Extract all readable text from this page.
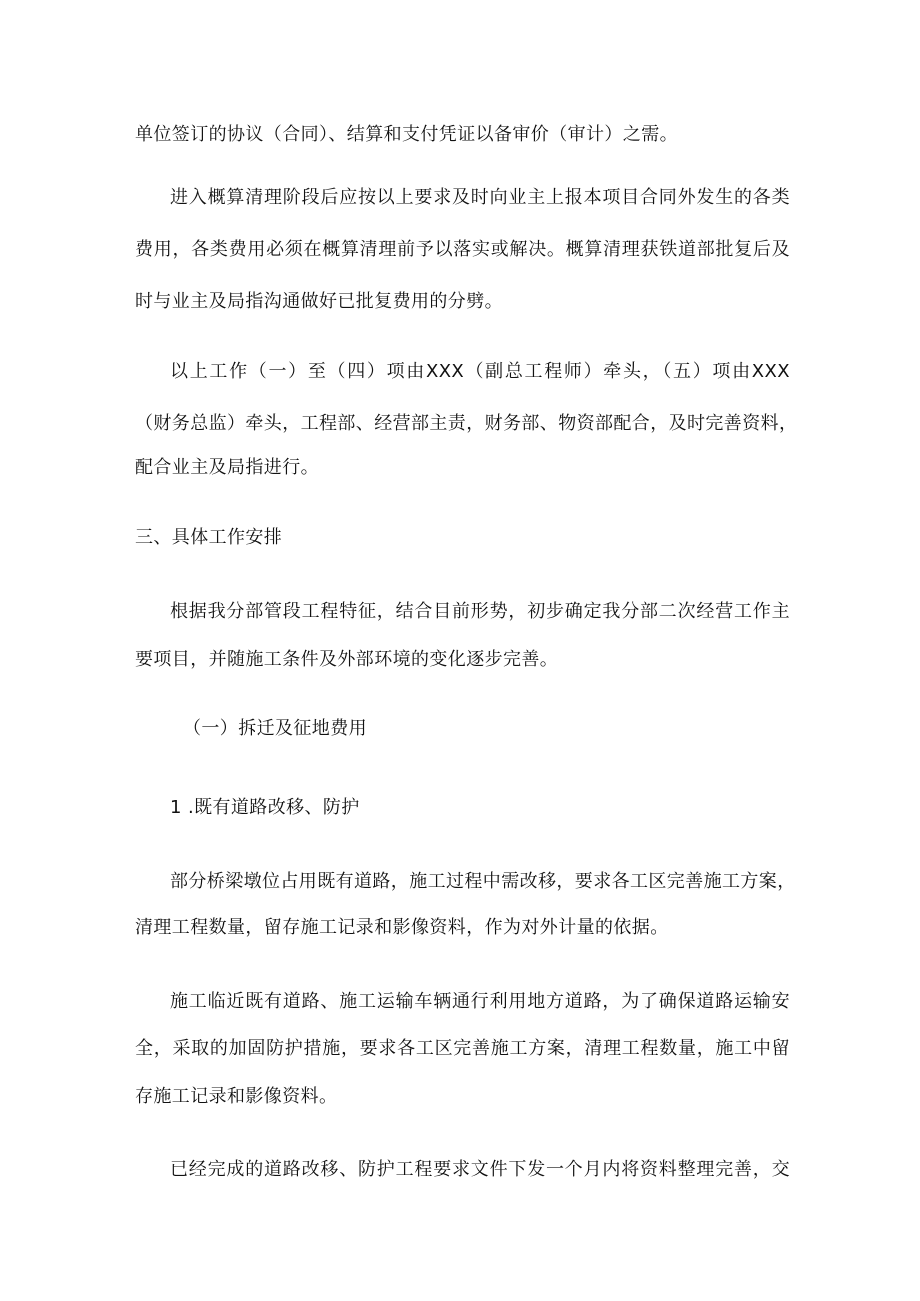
单位签订的协议（合同）、结算和支付凭证以备审价（审计）之需。
进入概算清理阶段后应按以上要求及时向业主上报本项目合同外发生的各类
费用，各类费用必须在概算清理前予以落实或解决。概算清理获铁道部批复后及
时与业主及局指沟通做好已批复费用的分劈。
以上工作（一）至（四）项由XXX（副总工程师）牵头，（五）项由XXX
（财务总监）牵头，工程部、经营部主责，财务部、物资部配合，及时完善资料，
配合业主及局指进行。
三、具体工作安排
根据我分部管段工程特征，结合目前形势，初步确定我分部二次经营工作主
要项目，并随施工条件及外部环境的变化逐步完善。
（一）拆迁及征地费用
1 .既有道路改移、防护
部分桥梁墩位占用既有道路，施工过程中需改移，要求各工区完善施工方案，
清理工程数量，留存施工记录和影像资料，作为对外计量的依据。
施工临近既有道路、施工运输车辆通行利用地方道路，为了确保道路运输安
全，采取的加固防护措施，要求各工区完善施工方案，清理工程数量，施工中留
存施工记录和影像资料。
已经完成的道路改移、防护工程要求文件下发一个月内将资料整理完善，交
